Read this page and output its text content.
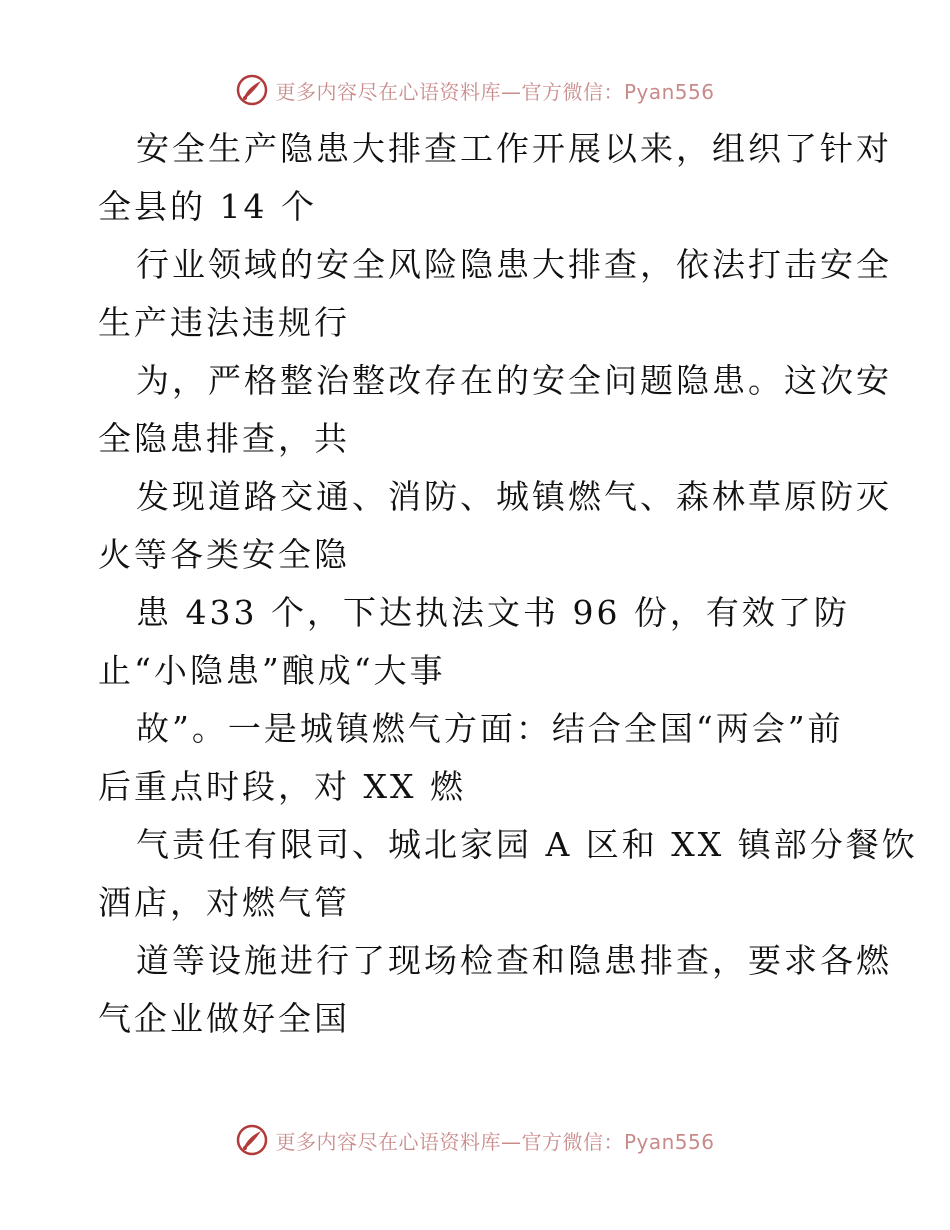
更多内容尽在心语资料库—官方微信：Pyan556
安全生产隐患大排查工作开展以来，组织了针对
全县的 14 个
行业领域的安全风险隐患大排查，依法打击安全
生产违法违规行
为，严格整治整改存在的安全问题隐患。这次安
全隐患排查，共
发现道路交通、消防、城镇燃气、森林草原防灭
火等各类安全隐
患 433 个，下达执法文书 96 份，有效了防
止“小隐患”酿成“大事
故”。一是城镇燃气方面：结合全国“两会”前
后重点时段，对 XX 燃
气责任有限司、城北家园 A 区和 XX 镇部分餐饮
酒店，对燃气管
道等设施进行了现场检查和隐患排查，要求各燃
气企业做好全国
更多内容尽在心语资料库—官方微信：Pyan556
